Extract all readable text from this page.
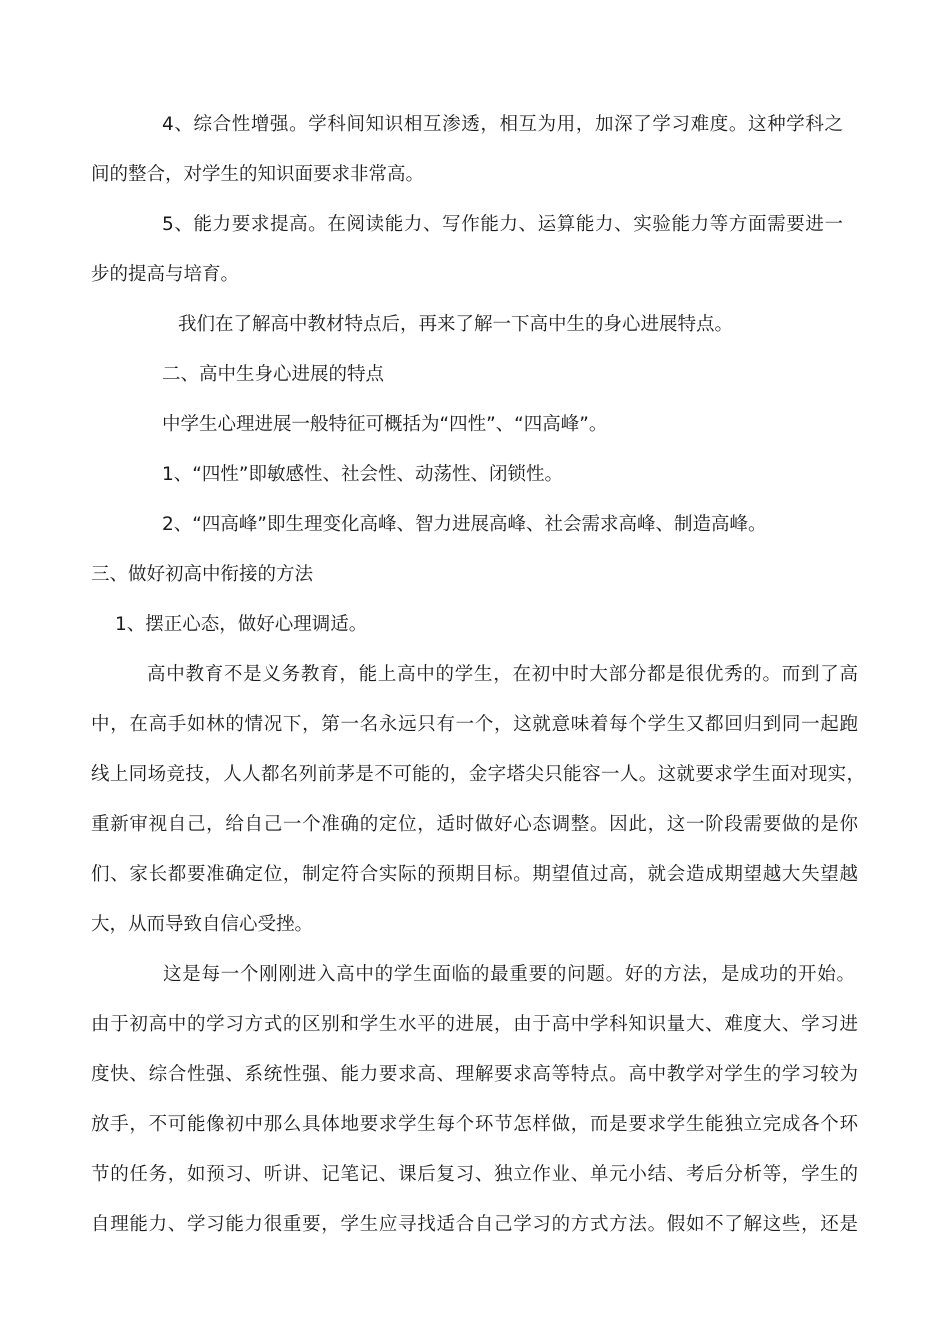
4、综合性增强。学科间知识相互渗透，相互为用，加深了学习难度。这种学科之
间的整合，对学生的知识面要求非常高。
5、能力要求提高。在阅读能力、写作能力、运算能力、实验能力等方面需要进一
步的提高与培育。
我们在了解高中教材特点后，再来了解一下高中生的身心进展特点。
二、高中生身心进展的特点
中学生心理进展一般特征可概括为“四性”、“四高峰”。
1、“四性”即敏感性、社会性、动荡性、闭锁性。
2、“四高峰”即生理变化高峰、智力进展高峰、社会需求高峰、制造高峰。
三、做好初高中衔接的方法
1、摆正心态，做好心理调适。
高中教育不是义务教育，能上高中的学生，在初中时大部分都是很优秀的。而到了高
中，在高手如林的情况下，第一名永远只有一个，这就意味着每个学生又都回归到同一起跑
线上同场竞技，人人都名列前茅是不可能的，金字塔尖只能容一人。这就要求学生面对现实，
重新审视自己，给自己一个准确的定位，适时做好心态调整。因此，这一阶段需要做的是你
们、家长都要准确定位，制定符合实际的预期目标。期望值过高，就会造成期望越大失望越
大，从而导致自信心受挫。
这是每一个刚刚进入高中的学生面临的最重要的问题。好的方法，是成功的开始。
由于初高中的学习方式的区别和学生水平的进展，由于高中学科知识量大、难度大、学习进
度快、综合性强、系统性强、能力要求高、理解要求高等特点。高中教学对学生的学习较为
放手，不可能像初中那么具体地要求学生每个环节怎样做，而是要求学生能独立完成各个环
节的任务，如预习、听讲、记笔记、课后复习、独立作业、单元小结、考后分析等，学生的
自理能力、学习能力很重要，学生应寻找适合自己学习的方式方法。假如不了解这些，还是
